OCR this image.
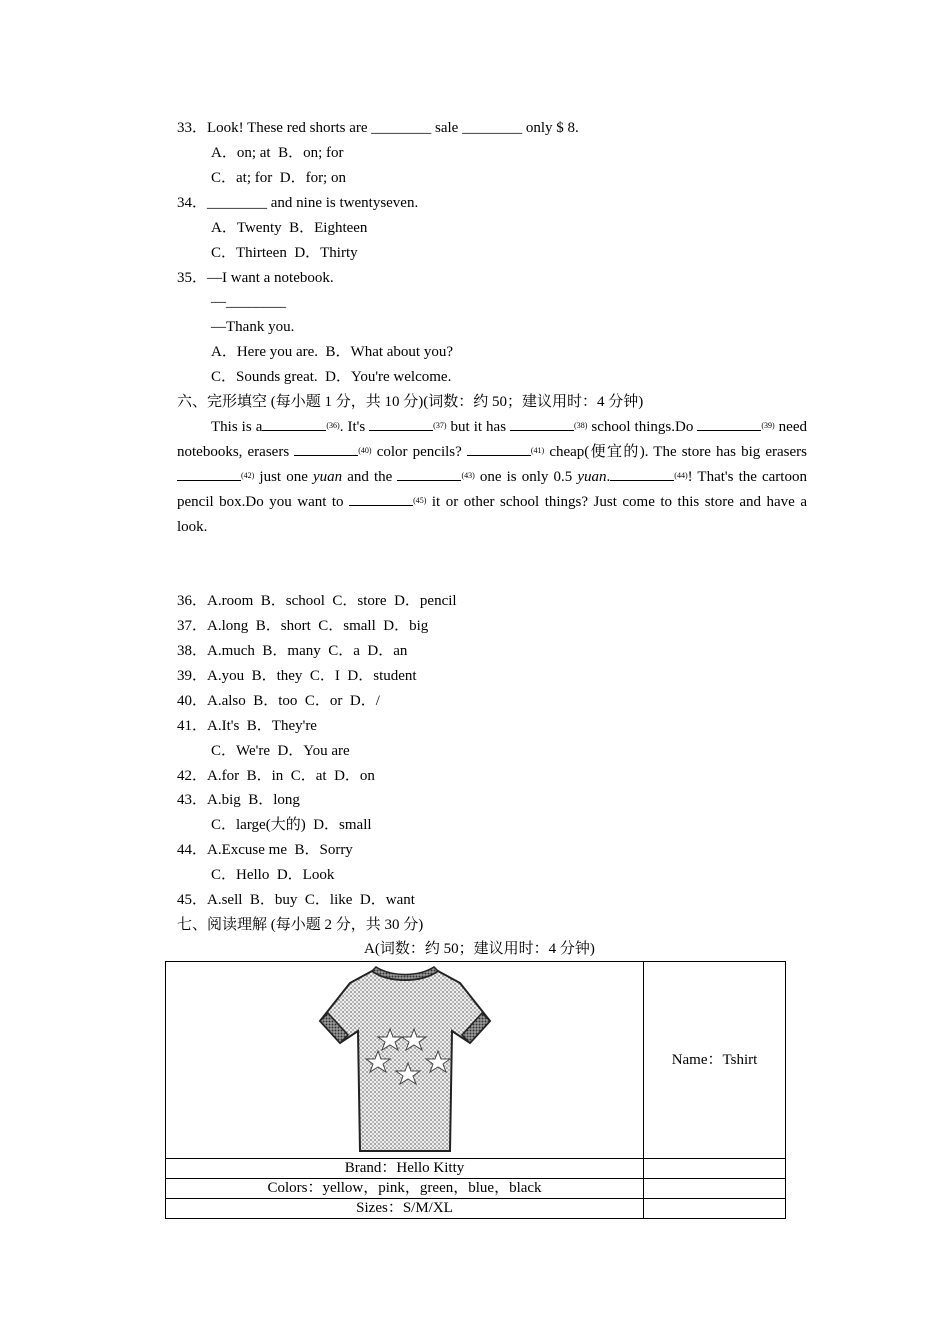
33．Look! These red shorts are ________ sale ________ only $ 8.
A．on; at  B．on; for
C．at; for  D．for; on
34．________ and nine is twentyseven.
A．Twenty  B．Eighteen
C．Thirteen  D．Thirty
35．—I want a notebook.
—________
—Thank you.
A．Here you are.  B．What about you?
C．Sounds great.  D．You're welcome.
六、完形填空 (每小题 1 分，共 10 分)(词数：约 50；建议用时：4 分钟)
This is a	$^{(36)}$. It's	$^{(37)}$ but it has	$^{(38)}$ school things.Do	$^{(39)}$ need notebooks, erasers	$^{(40)}$ color pencils?	$^{(41)}$ cheap(便宜的). The store has big erasers $^{(42)}$ just one yuan and the	$^{(43)}$ one is only 0.5 yuan.	$^{(44)}$! That's the cartoon pencil box.Do you want to	$^{(45)}$ it or other school things? Just come to this store and have a look.
36．A.room  B．school  C．store  D．pencil
37．A.long  B．short  C．small  D．big
38．A.much  B．many  C．a  D．an
39．A.you  B．they  C．I  D．student
40．A.also  B．too  C．or  D．/
41．A.It's  B．They're
C．We're  D．You are
42．A.for  B．in  C．at  D．on
43．A.big  B．long
C．large(大的)  D．small
44．A.Excuse me  B．Sorry
C．Hello  D．Look
45．A.sell  B．buy  C．like  D．want
七、阅读理解 (每小题 2 分，共 30 分)
A(词数：约 50；建议用时：4 分钟)
	Name：Tshirt
Brand：Hello Kitty	
Colors：yellow，pink，green，blue，black	
Sizes：S/M/XL	
